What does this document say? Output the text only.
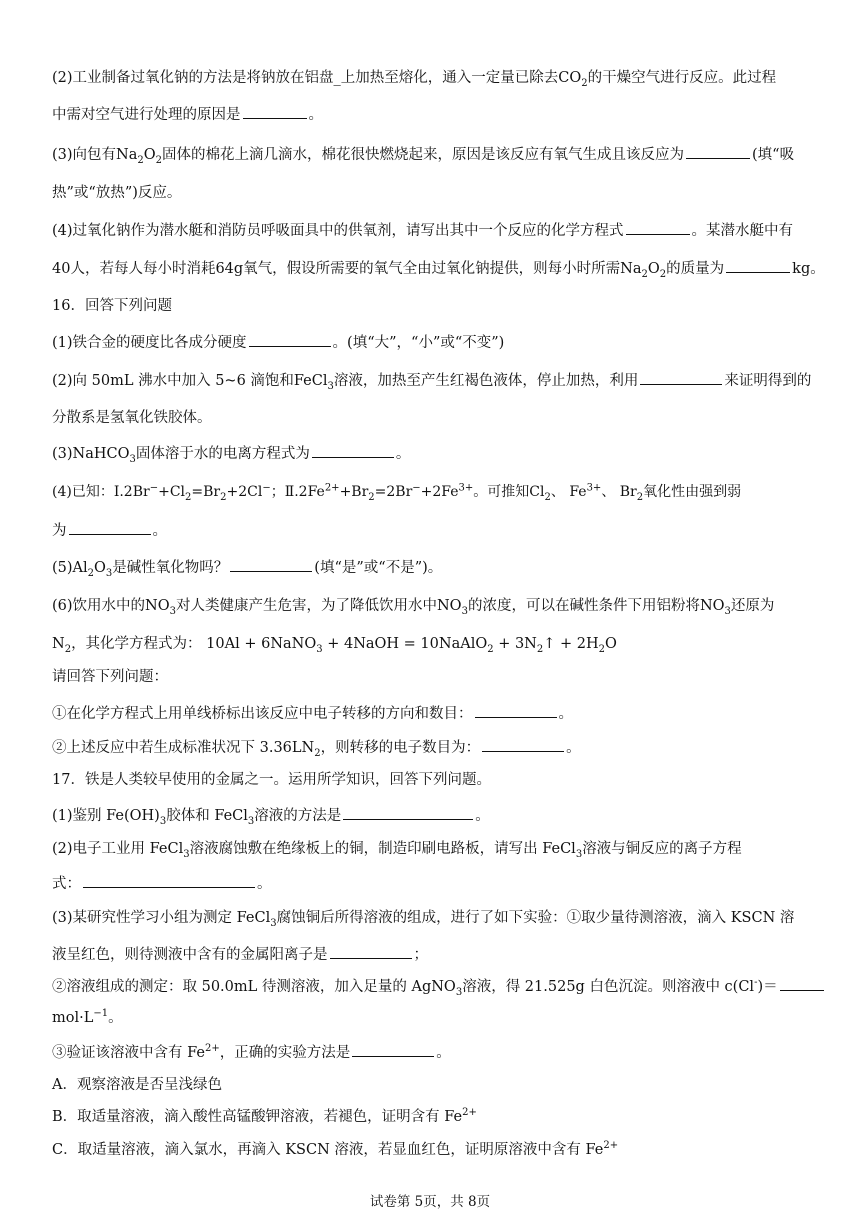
(2)工业制备过氧化钠的方法是将钠放在铝盘_上加热至熔化，通入一定量已除去$CO_2$的干燥空气进行反应。此过程
中需对空气进行处理的原因是	。
(3)向包有$Na_2O_2$固体的棉花上滴几滴水，棉花很快燃烧起来，原因是该反应有氧气生成且该反应为	(填“吸
热”或“放热”)反应。
(4)过氧化钠作为潜水艇和消防员呼吸面具中的供氧剂，请写出其中一个反应的化学方程式	。某潜水艇中有
40人，若每人每小时消耗64g氧气，假设所需要的氧气全由过氧化钠提供，则每小时所需$Na_2O_2$的质量为	kg。
16．回答下列问题
(1)铁合金的硬度比各成分硬度	。(填“大”，“小”或“不变”)
(2)向 50mL 沸水中加入 5~6 滴饱和FeCl$_3$溶液，加热至产生红褐色液体，停止加热，利用	来证明得到的
分散系是氢氧化铁胶体。
(3)NaHCO$_3$固体溶于水的电离方程式为	。
(4)已知：$Ⅰ.2Br^-+Cl_2=Br_2+2Cl^-$；$Ⅱ.2Fe^{2+}+Br_2=2Br^-+2Fe^{3+}$。可推知$Cl_2$、 $Fe^{3+}$、 $Br_2$氧化性由强到弱
为	。
$(5)Al_2O_3$是碱性氧化物吗？	(填“是”或“不是”)。
(6)饮用水中的$NO_3$对人类健康产生危害，为了降低饮用水中$NO_3$的浓度，可以在碱性条件下用铝粉将$NO_3$还原为
$N_2$，其化学方程式为： 10Al + 6NaNO$_3$ + 4NaOH = 10NaAlO$_2$ + $3N_2↑ + 2H_2O$
请回答下列问题：
①在化学方程式上用单线桥标出该反应中电子转移的方向和数目：	。
②上述反应中若生成标准状况下 $3.36LN_2$，则转移的电子数目为：	。
17．铁是人类较早使用的金属之一。运用所学知识，回答下列问题。
(1)鉴别 $Fe(OH)_3$胶体和 FeCl$_3$溶液的方法是	。
(2)电子工业用 FeCl$_3$溶液腐蚀敷在绝缘板上的铜，制造印刷电路板，请写出 FeCl$_3$溶液与铜反应的离子方程
式：	。
(3)某研究性学习小组为测定 FeCl$_3$腐蚀铜后所得溶液的组成，进行了如下实验：①取少量待测溶液，滴入 KSCN 溶
液呈红色，则待测液中含有的金属阳离子是	；
②溶液组成的测定：取 50.0mL 待测溶液，加入足量的 AgNO$_3$溶液，得 21.525g 白色沉淀。则溶液中 c(Cl-)＝
$mol\cdot L^{-1}$。
③验证该溶液中含有 $Fe^{2+}$，正确的实验方法是	。
A．观察溶液是否呈浅绿色
B．取适量溶液，滴入酸性高锰酸钾溶液，若褪色，证明含有 $Fe^{2+}$
C．取适量溶液，滴入氯水，再滴入 KSCN 溶液，若显血红色，证明原溶液中含有 $Fe^{2+}$
试卷第 5页，共 8页
